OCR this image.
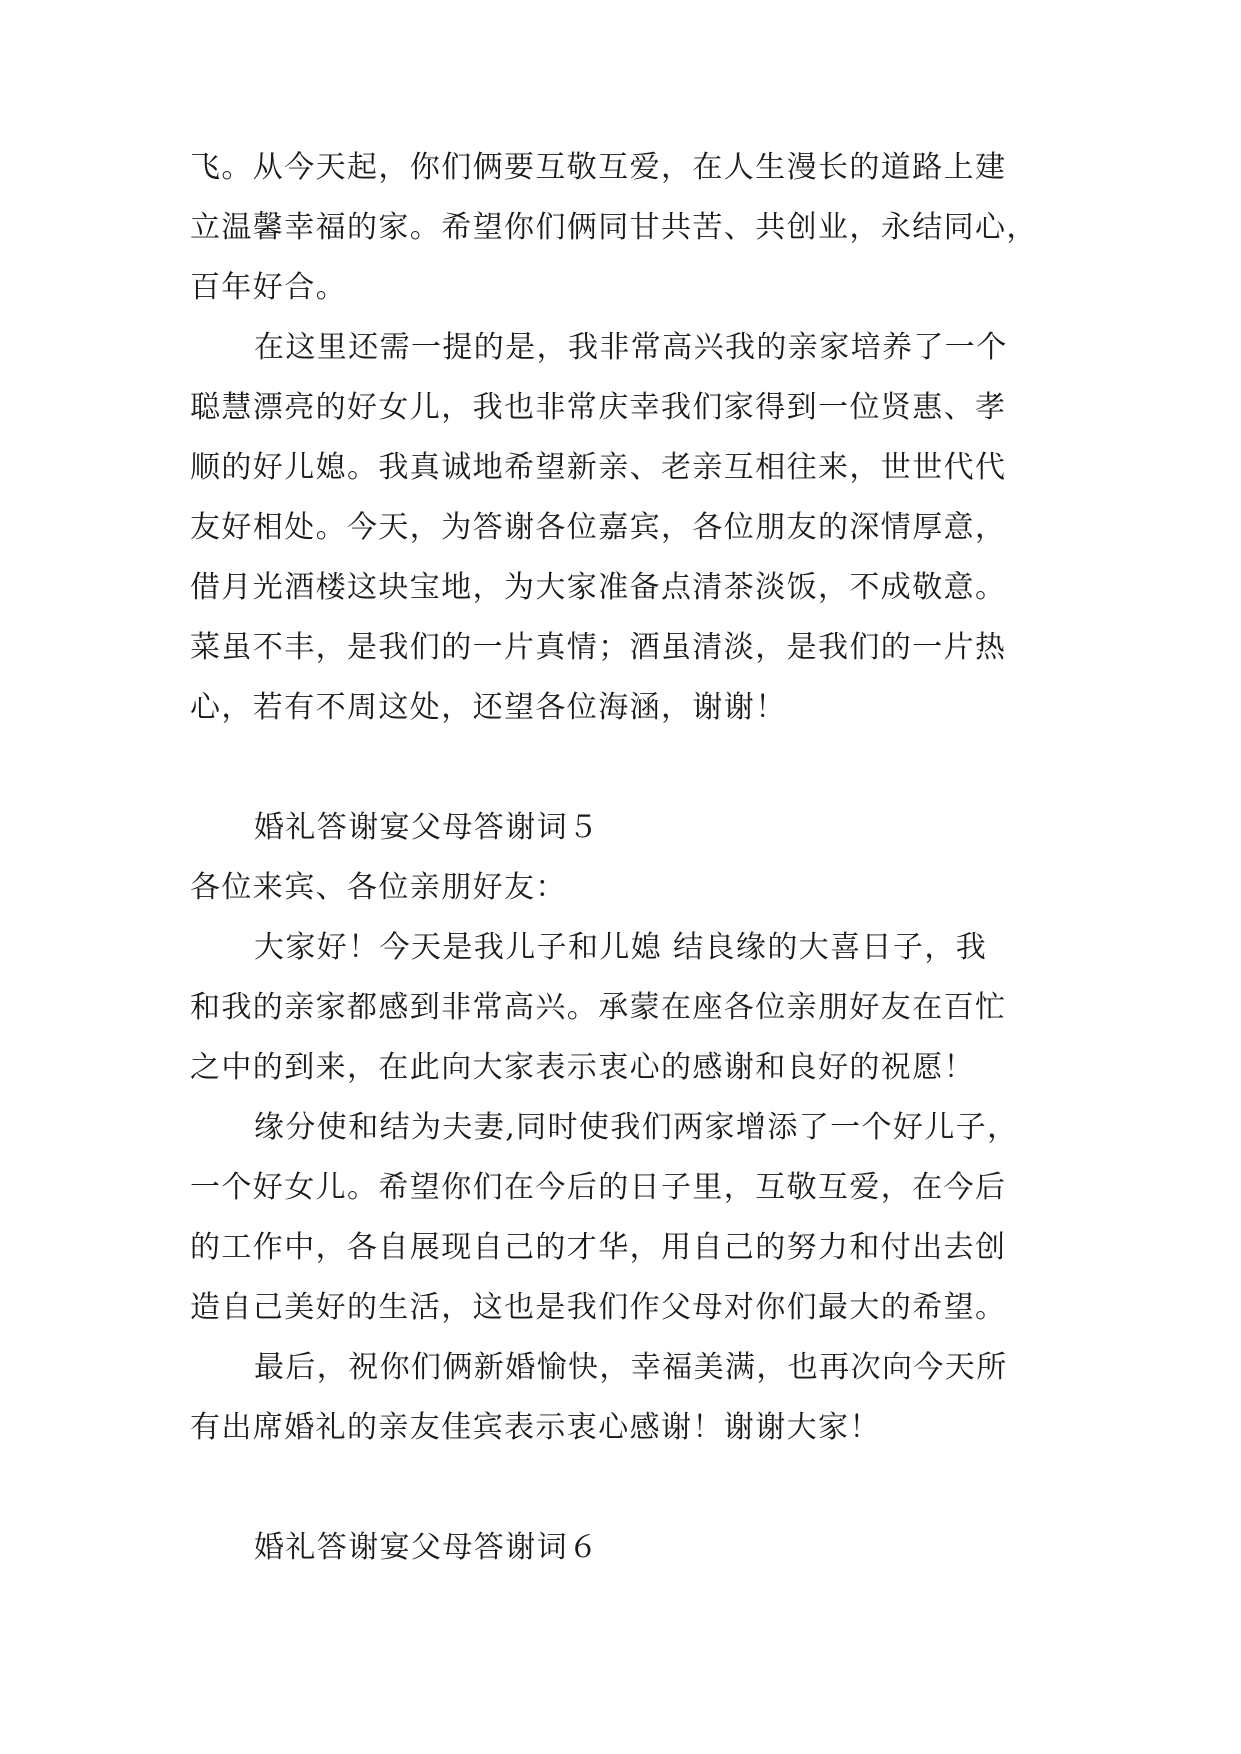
飞。从今天起，你们俩要互敬互爱，在人生漫长的道路上建
立温馨幸福的家。希望你们俩同甘共苦、共创业，永结同心，
百年好合。
在这里还需一提的是，我非常高兴我的亲家培养了一个
聪慧漂亮的好女儿，我也非常庆幸我们家得到一位贤惠、孝
顺的好儿媳。我真诚地希望新亲、老亲互相往来，世世代代
友好相处。今天，为答谢各位嘉宾，各位朋友的深情厚意，
借月光酒楼这块宝地，为大家准备点清茶淡饭，不成敬意。
菜虽不丰，是我们的一片真情；酒虽清淡，是我们的一片热
心，若有不周这处，还望各位海涵，谢谢！
婚礼答谢宴父母答谢词５
各位来宾、各位亲朋好友：
大家好！今天是我儿子和儿媳 结良缘的大喜日子，我
和我的亲家都感到非常高兴。承蒙在座各位亲朋好友在百忙
之中的到来，在此向大家表示衷心的感谢和良好的祝愿！
缘分使和结为夫妻,同时使我们两家增添了一个好儿子，
一个好女儿。希望你们在今后的日子里，互敬互爱，在今后
的工作中，各自展现自己的才华，用自己的努力和付出去创
造自己美好的生活，这也是我们作父母对你们最大的希望。
最后，祝你们俩新婚愉快，幸福美满，也再次向今天所
有出席婚礼的亲友佳宾表示衷心感谢！谢谢大家！
婚礼答谢宴父母答谢词６
